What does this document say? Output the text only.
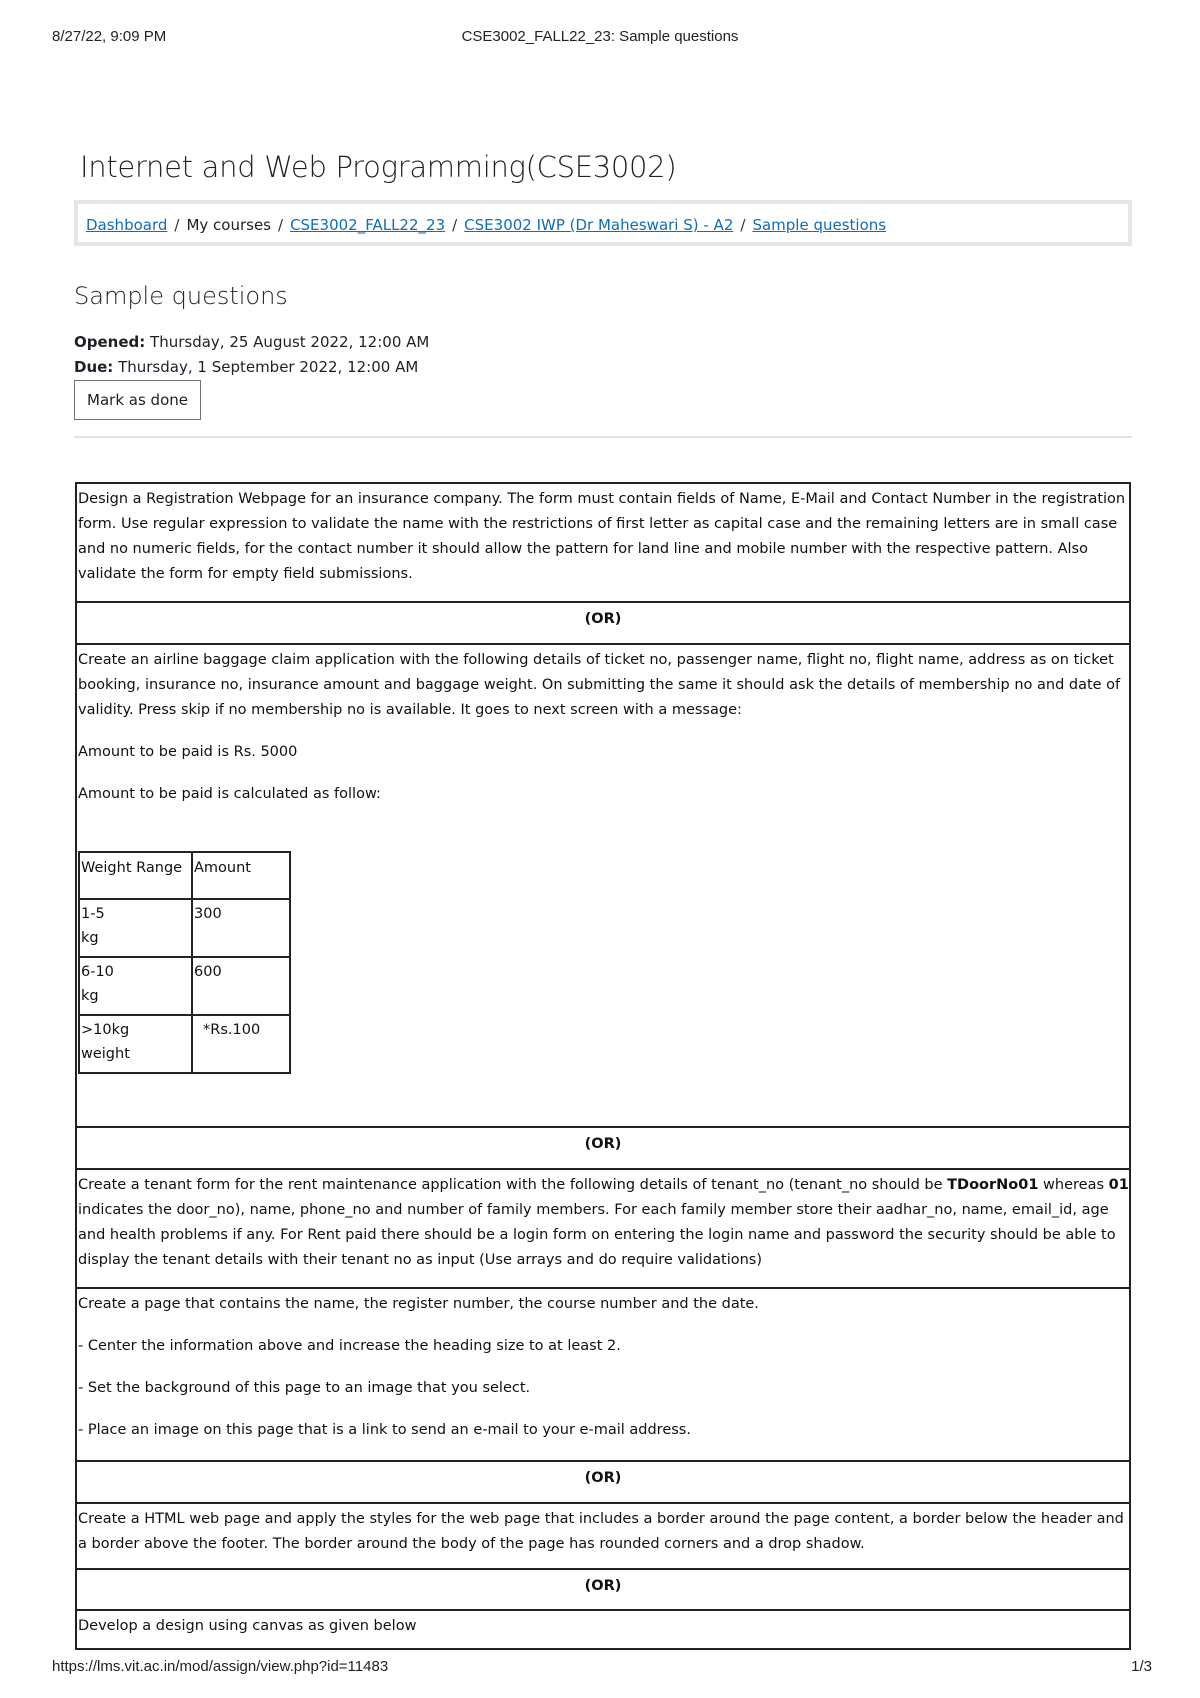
8/27/22, 9:09 PM	CSE3002_FALL22_23: Sample questions
Internet and Web Programming(CSE3002)
Dashboard / My courses / CSE3002_FALL22_23 / CSE3002 IWP (Dr Maheswari S) - A2 / Sample questions
Sample questions
Opened: Thursday, 25 August 2022, 12:00 AM
Due: Thursday, 1 September 2022, 12:00 AM
Mark as done
Design a Registration Webpage for an insurance company. The form must contain fields of Name, E-Mail and Contact Number in the registration form. Use regular expression to validate the name with the restrictions of first letter as capital case and the remaining letters are in small case and no numeric fields, for the contact number it should allow the pattern for land line and mobile number with the respective pattern. Also validate the form for empty field submissions.
(OR)

Create an airline baggage claim application with the following details of ticket no, passenger name, flight no, flight name, address as on ticket booking, insurance no, insurance amount and baggage weight. On submitting the same it should ask the details of membership no and date of validity. Press skip if no membership no is available. It goes to next screen with a message:

Amount to be paid is Rs. 5000

Amount to be paid is calculated as follow:

Weight Range	Amount
1-5
kg	300
6-10
kg	600
>10kg
weight	*Rs.100

(OR)
Create a tenant form for the rent maintenance application with the following details of tenant_no (tenant_no should be TDoorNo01 whereas 01 indicates the door_no), name, phone_no and number of family members. For each family member store their aadhar_no, name, email_id, age and health problems if any. For Rent paid there should be a login form on entering the login name and password the security should be able to display the tenant details with their tenant no as input (Use arrays and do require validations)

Create a page that contains the name, the register number, the course number and the date.

- Center the information above and increase the heading size to at least 2.

- Set the background of this page to an image that you select.

- Place an image on this page that is a link to send an e-mail to your e-mail address.

(OR)
Create a HTML web page and apply the styles for the web page that includes a border around the page content, a border below the header and a border above the footer. The border around the body of the page has rounded corners and a drop shadow.
(OR)
Develop a design using canvas as given below
https://lms.vit.ac.in/mod/assign/view.php?id=11483	1/3
